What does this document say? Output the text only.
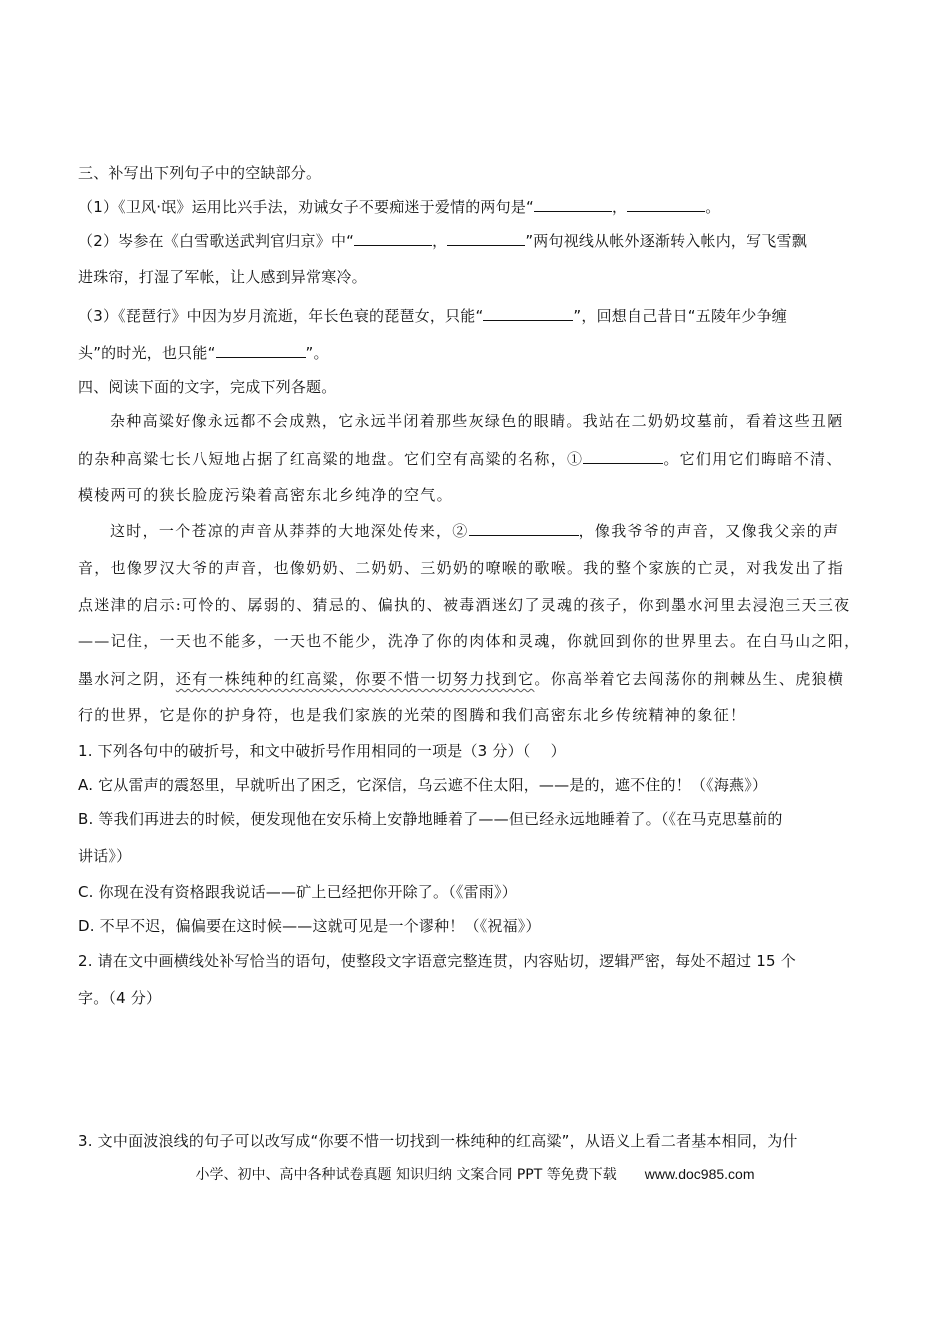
三、补写出下列句子中的空缺部分。
（1）《卫风·氓》运用比兴手法，劝诫女子不要痴迷于爱情的两句是“	，	。
（2）岑参在《白雪歌送武判官归京》中“	，	”两句视线从帐外逐渐转入帐内，写飞雪飘
进珠帘，打湿了军帐，让人感到异常寒冷。
（3）《琵琶行》中因为岁月流逝，年长色衰的琵琶女，只能“	”，回想自己昔日“五陵年少争缠
头”的时光，也只能“	”。
四、阅读下面的文字，完成下列各题。
杂种高粱好像永远都不会成熟，它永远半闭着那些灰绿色的眼睛。我站在二奶奶坟墓前，看着这些丑陋
的杂种高粱七长八短地占据了红高粱的地盘。它们空有高粱的名称，①	。它们用它们晦暗不清、
模棱两可的狭长脸庞污染着高密东北乡纯净的空气。
这时，一个苍凉的声音从莽莽的大地深处传来，②	，像我爷爷的声音，又像我父亲的声
音，也像罗汉大爷的声音，也像奶奶、二奶奶、三奶奶的嘹喉的歌喉。我的整个家族的亡灵，对我发出了指
点迷津的启示:可怜的、孱弱的、猜忌的、偏执的、被毒酒迷幻了灵魂的孩子，你到墨水河里去浸泡三天三夜
——记住，一天也不能多，一天也不能少，洗净了你的肉体和灵魂，你就回到你的世界里去。在白马山之阳，
墨水河之阴，还有一株纯种的红高粱，你要不惜一切努力找到它。你高举着它去闯荡你的荆棘丛生、虎狼横
行的世界，它是你的护身符，也是我们家族的光荣的图腾和我们高密东北乡传统精神的象征！
1. 下列各句中的破折号，和文中破折号作用相同的一项是（3 分）（　 ）
A. 它从雷声的震怒里，早就听出了困乏，它深信，乌云遮不住太阳，——是的，遮不住的！（《海燕》）
B. 等我们再进去的时候，便发现他在安乐椅上安静地睡着了——但已经永远地睡着了。（《在马克思墓前的
讲话》）
C. 你现在没有资格跟我说话——矿上已经把你开除了。（《雷雨》）
D. 不早不迟，偏偏要在这时候——这就可见是一个谬种！（《祝福》）
2. 请在文中画横线处补写恰当的语句，使整段文字语意完整连贯，内容贴切，逻辑严密，每处不超过 15 个
字。（4 分）
3. 文中面波浪线的句子可以改写成“你要不惜一切找到一株纯种的红高粱”，从语义上看二者基本相同，为什
小学、初中、高中各种试卷真题 知识归纳 文案合同 PPT 等免费下载 www.doc985.com
